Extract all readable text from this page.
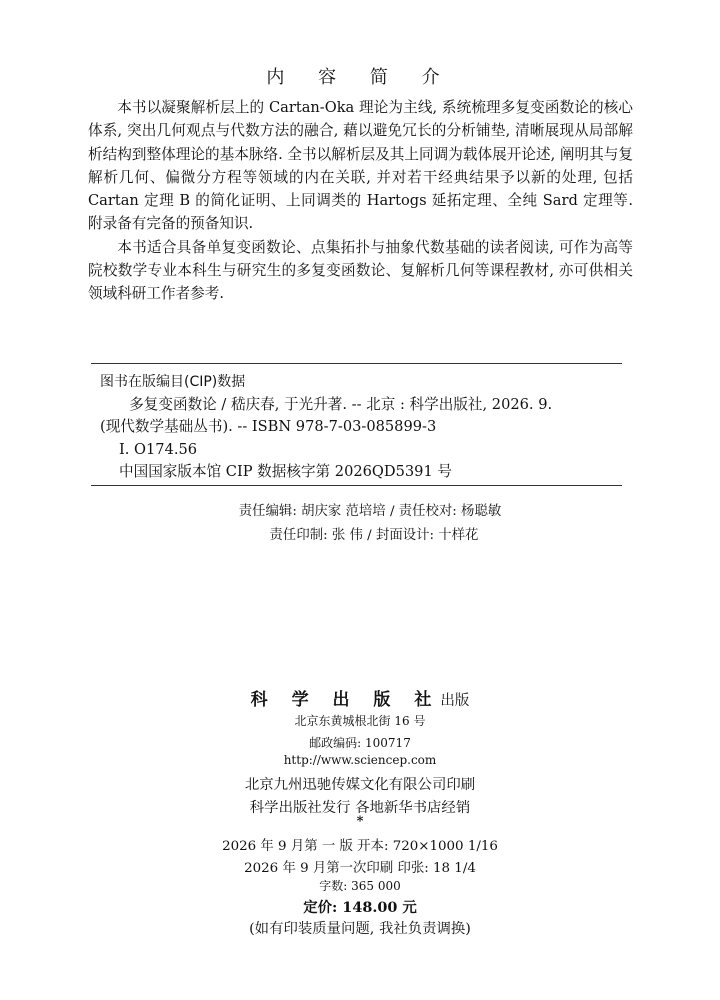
内 容 简 介

本书以凝聚解析层上的 Cartan-Oka 理论为主线, 系统梳理多复变函数论的核心体系, 突出几何观点与代数方法的融合, 藉以避免冗长的分析铺垫, 清晰展现从局部解析结构到整体理论的基本脉络. 全书以解析层及其上同调为载体展开论述, 阐明其与复解析几何、偏微分方程等领域的内在关联, 并对若干经典结果予以新的处理, 包括 Cartan 定理 B 的简化证明、上同调类的 Hartogs 延拓定理、全纯 Sard 定理等. 附录备有完备的预备知识.

本书适合具备单复变函数论、点集拓扑与抽象代数基础的读者阅读, 可作为高等院校数学专业本科生与研究生的多复变函数论、复解析几何等课程教材, 亦可供相关领域科研工作者参考.

图书在版编目(CIP)数据
多复变函数论 / 嵇庆春, 于光升著. -- 北京 : 科学出版社, 2026. 9.
(现代数学基础丛书). -- ISBN 978-7-03-085899-3
I. O174.56
中国国家版本馆 CIP 数据核字第 2026QD5391 号
责任编辑: 胡庆家 范培培 / 责任校对: 杨聪敏
责任印制: 张 伟 / 封面设计: 十样花
科 学 出 版 社出版
北京东黄城根北街 16 号
邮政编码: 100717
http://www.sciencep.com
北京九州迅驰传媒文化有限公司印刷
科学出版社发行 各地新华书店经销
*
2026 年 9 月第 一 版 开本: 720×1000 1/16
2026 年 9 月第一次印刷 印张: 18 1/4
字数: 365 000
定价: 148.00 元
(如有印装质量问题, 我社负责调换)
